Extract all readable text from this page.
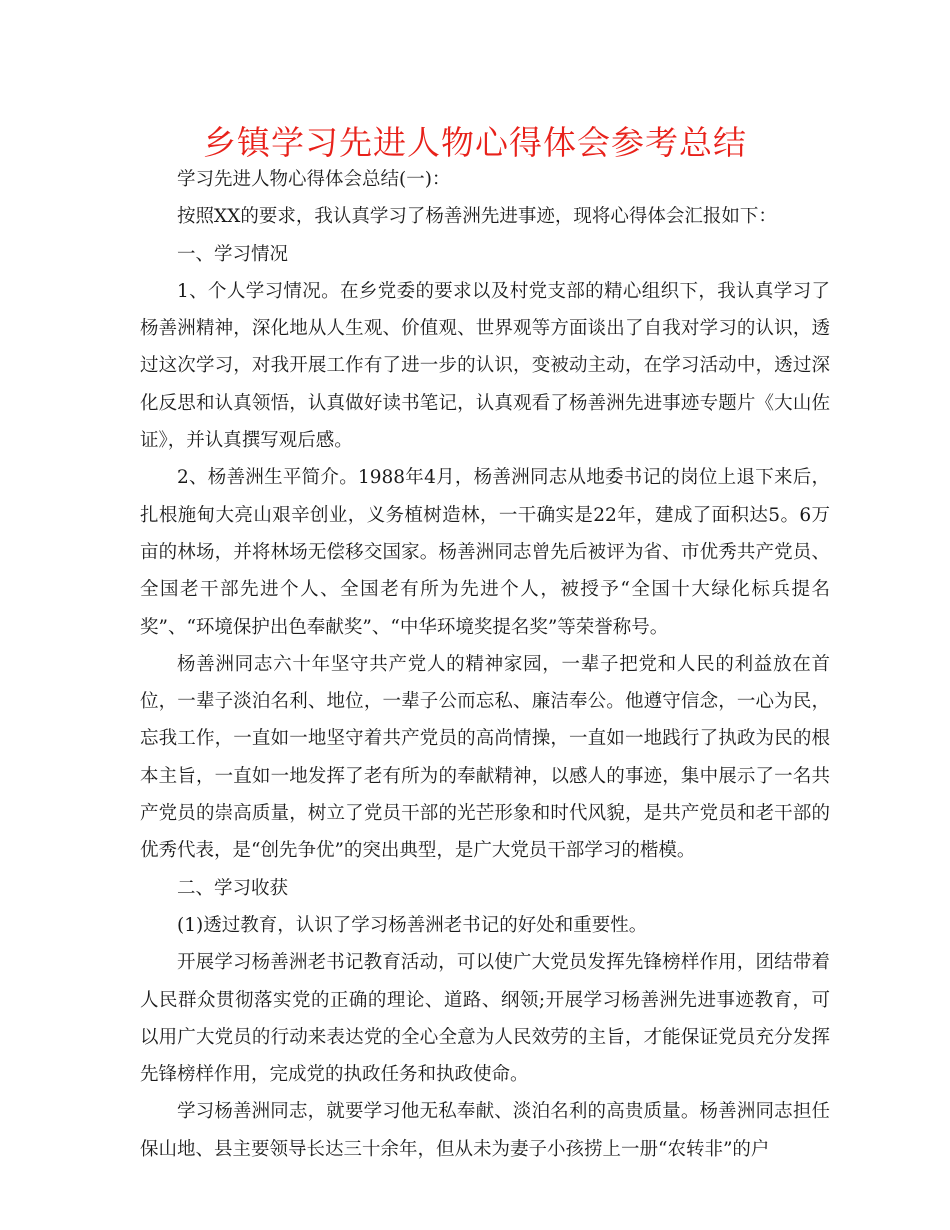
乡镇学习先进人物心得体会参考总结

学习先进人物心得体会总结(一)：

按照XX的要求，我认真学习了杨善洲先进事迹，现将心得体会汇报如下：

一、学习情况

1、个人学习情况。在乡党委的要求以及村党支部的精心组织下，我认真学习了杨善洲精神，深化地从人生观、价值观、世界观等方面谈出了自我对学习的认识，透过这次学习，对我开展工作有了进一步的认识，变被动主动，在学习活动中，透过深化反思和认真领悟，认真做好读书笔记，认真观看了杨善洲先进事迹专题片《大山佐证》，并认真撰写观后感。

2、杨善洲生平简介。1988年4月，杨善洲同志从地委书记的岗位上退下来后，扎根施甸大亮山艰辛创业，义务植树造林，一干确实是22年，建成了面积达5。6万亩的林场，并将林场无偿移交国家。杨善洲同志曾先后被评为省、市优秀共产党员、全国老干部先进个人、全国老有所为先进个人，被授予“全国十大绿化标兵提名奖”、“环境保护出色奉献奖”、“中华环境奖提名奖”等荣誉称号。

杨善洲同志六十年坚守共产党人的精神家园，一辈子把党和人民的利益放在首位，一辈子淡泊名利、地位，一辈子公而忘私、廉洁奉公。他遵守信念，一心为民，忘我工作，一直如一地坚守着共产党员的高尚情操，一直如一地践行了执政为民的根本主旨，一直如一地发挥了老有所为的奉献精神，以感人的事迹，集中展示了一名共产党员的崇高质量，树立了党员干部的光芒形象和时代风貌，是共产党员和老干部的优秀代表，是“创先争优”的突出典型，是广大党员干部学习的楷模。

二、学习收获

(1)透过教育，认识了学习杨善洲老书记的好处和重要性。

开展学习杨善洲老书记教育活动，可以使广大党员发挥先锋榜样作用，团结带着人民群众贯彻落实党的正确的理论、道路、纲领;开展学习杨善洲先进事迹教育，可以用广大党员的行动来表达党的全心全意为人民效劳的主旨，才能保证党员充分发挥先锋榜样作用，完成党的执政任务和执政使命。

学习杨善洲同志，就要学习他无私奉献、淡泊名利的高贵质量。杨善洲同志担任保山地、县主要领导长达三十余年，但从未为妻子小孩捞上一册“农转非”的户
